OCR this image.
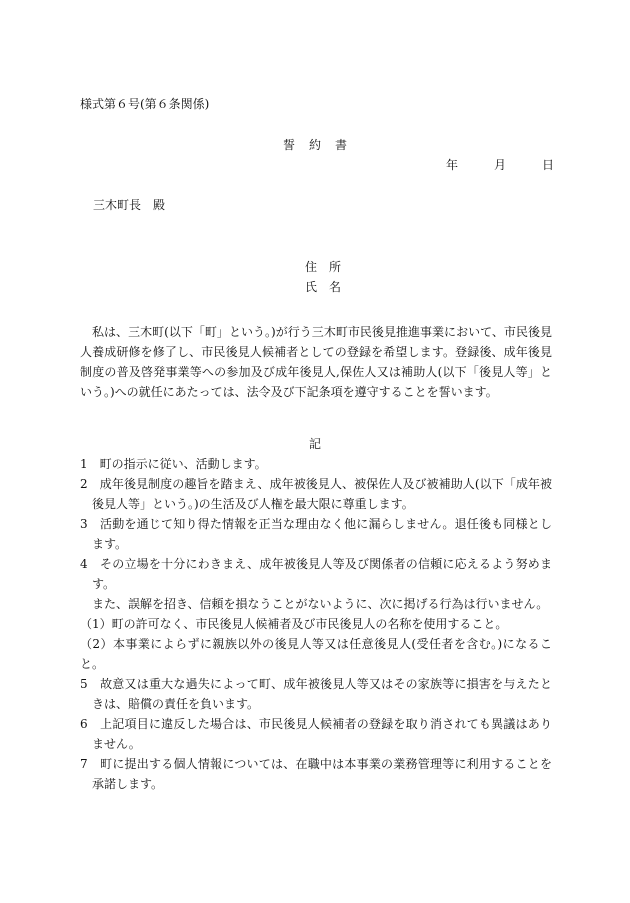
様式第６号(第６条関係)
誓約書
年	月	日
三木町長　殿
住所
氏名

私は、三木町(以下「町」という。)が行う三木町市民後見推進事業において、市民後見人養成研修を修了し、市民後見人候補者としての登録を希望します。登録後、成年後見制度の普及啓発事業等への参加及び成年後見人,保佐人又は補助人(以下「後見人等」という。)への就任にあたっては、法令及び下記条項を遵守することを誓います。

記

1　町の指示に従い、活動します。

2　成年後見制度の趣旨を踏まえ、成年被後見人、被保佐人及び被補助人(以下「成年被後見人等」という。)の生活及び人権を最大限に尊重します。

3　活動を通じて知り得た情報を正当な理由なく他に漏らしません。退任後も同様とします。

4　その立場を十分にわきまえ、成年被後見人等及び関係者の信頼に応えるよう努めます。

また、誤解を招き、信頼を損なうことがないように、次に掲げる行為は行いません。

（1）町の許可なく、市民後見人候補者及び市民後見人の名称を使用すること。

（2）本事業によらずに親族以外の後見人等又は任意後見人(受任者を含む。)になること。

5　故意又は重大な過失によって町、成年被後見人等又はその家族等に損害を与えたときは、賠償の責任を負います。

6　上記項目に違反した場合は、市民後見人候補者の登録を取り消されても異議はありません。

7　町に提出する個人情報については、在職中は本事業の業務管理等に利用することを承諾します。
